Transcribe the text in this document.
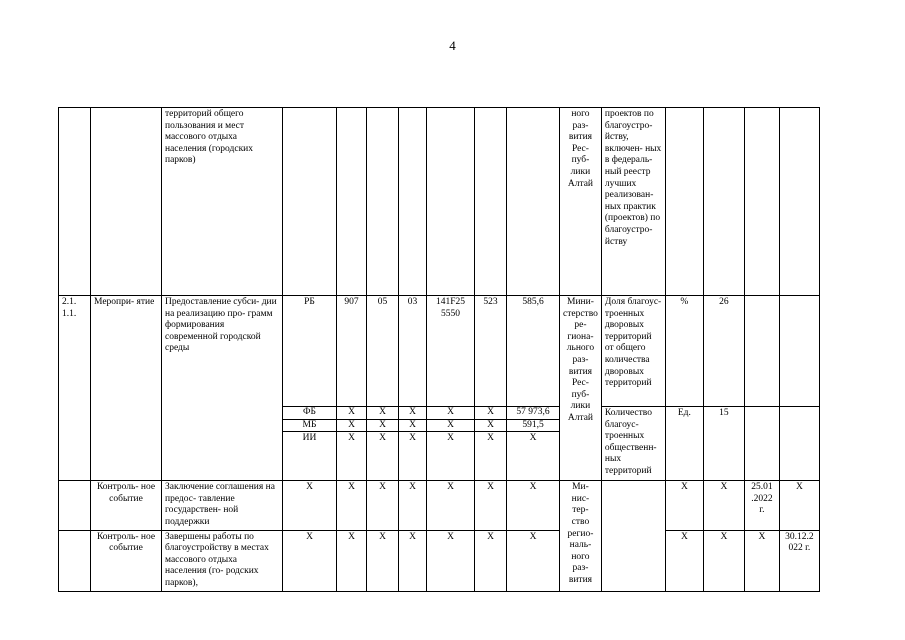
4
		территорий общего пользования и мест массового отдыха населения (городских парков)								ного раз- вития Рес- пуб- лики Алтай	проектов по благоустро- йству, включен- ных в федераль- ный реестр лучших реализован- ных практик (проектов) по благоустро- йству				
2.1. 1.1.	Меропри- ятие	Предоставление субси- дии на реализацию про- грамм формирования современной городской среды	РБ	907	05	03	141F25 5550	523	585,6	Мини- стерство ре- гиона- льного раз- вития Рес- пуб- лики Алтай	Доля благоус- троенных дворовых территорий от общего количества дворовых территорий	%	26		
			ФБ	Х	Х	Х	Х	Х	57 973,6		Количество благоус- троенных общественн- ных территорий	Ед.	15		
			МБ	Х	Х	Х	Х	Х	591,5						
			ИИ	Х	Х	Х	Х	Х	Х						
	Контроль- ное событие	Заключение соглашения на предос- тавление государствен- ной поддержки	Х	Х	Х	Х	Х	Х	Х	Ми- нис- тер- ство регио- наль- ного раз- вития		Х	Х	25.01 .2022 г.	Х
	Контроль- ное событие	Завершены работы по благоустройству в местах массового отдыха населения (го- родских парков),	Х	Х	Х	Х	Х	Х	Х			Х	Х	Х	30.12.2 022 г.
